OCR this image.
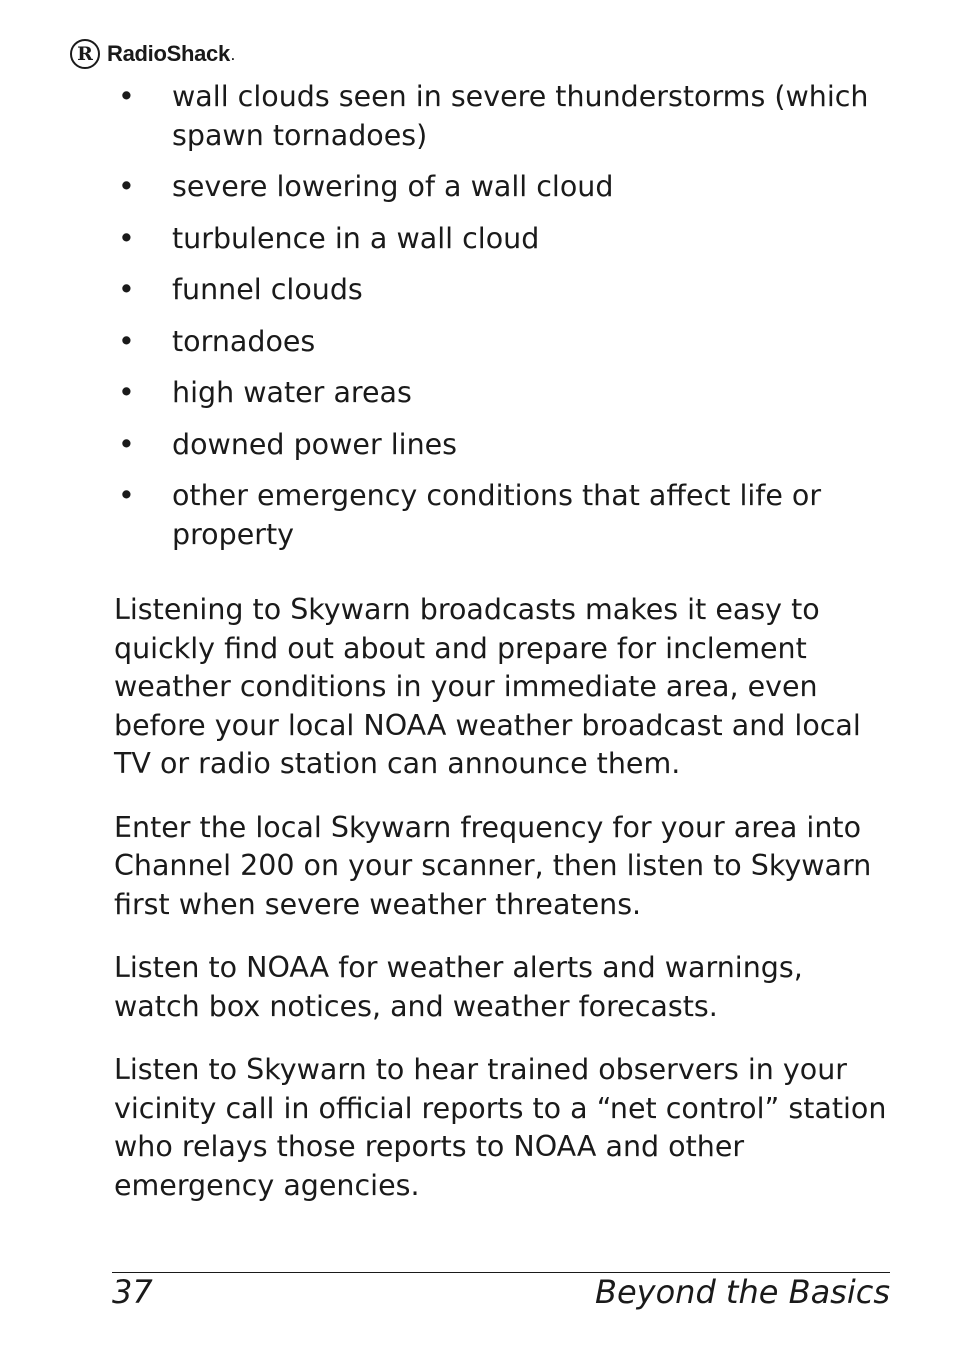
R RadioShack .
• wall clouds seen in severe thunderstorms (which spawn tornadoes)
• severe lowering of a wall cloud
• turbulence in a wall cloud
• funnel clouds
• tornadoes
• high water areas
• downed power lines
• other emergency conditions that affect life or property

Listening to Skywarn broadcasts makes it easy to quickly find out about and prepare for inclement weather conditions in your immediate area, even before your local NOAA weather broadcast and local TV or radio station can announce them.

Enter the local Skywarn frequency for your area into Channel 200 on your scanner, then listen to Skywarn first when severe weather threatens.

Listen to NOAA for weather alerts and warnings, watch box notices, and weather forecasts.

Listen to Skywarn to hear trained observers in your vicinity call in official reports to a “net control” station who relays those reports to NOAA and other emergency agencies.

37	Beyond the Basics
